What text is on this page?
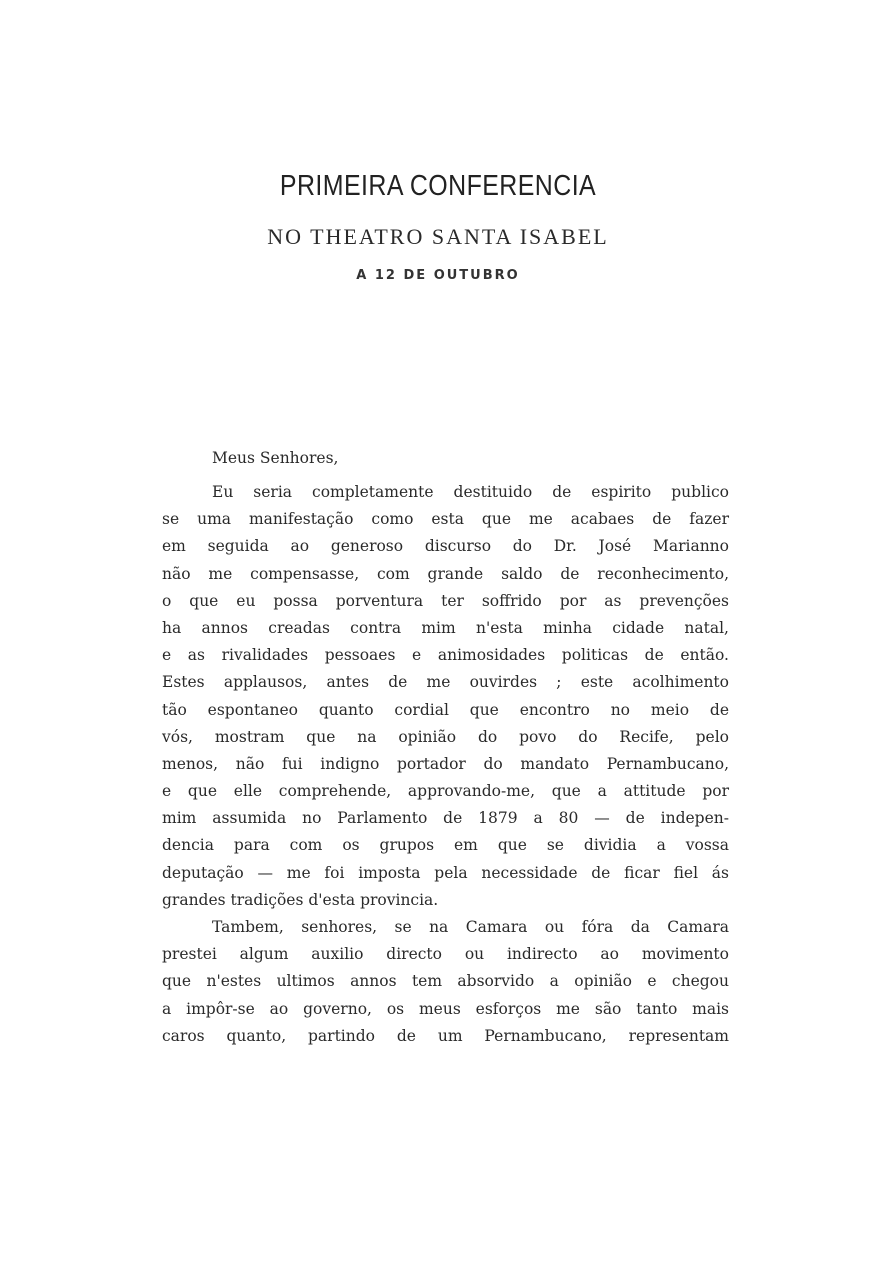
PRIMEIRA CONFERENCIA
NO THEATRO SANTA ISABEL
A 12 DE OUTUBRO
Meus Senhores,
Eu seria completamente destituido de espirito publico
se uma manifestação como esta que me acabaes de fazer
em seguida ao generoso discurso do Dr. José Marianno
não me compensasse, com grande saldo de reconhecimento,
o que eu possa porventura ter soffrido por as prevenções
ha annos creadas contra mim n'esta minha cidade natal,
e as rivalidades pessoaes e animosidades politicas de então.
Estes applausos, antes de me ouvirdes ; este acolhimento
tão espontaneo quanto cordial que encontro no meio de
vós, mostram que na opinião do povo do Recife, pelo
menos, não fui indigno portador do mandato Pernambucano,
e que elle comprehende, approvando-me, que a attitude por
mim assumida no Parlamento de 1879 a 80 — de indepen-
dencia para com os grupos em que se dividia a vossa
deputação — me foi imposta pela necessidade de ficar fiel ás
grandes tradições d'esta provincia.
Tambem, senhores, se na Camara ou fóra da Camara
prestei algum auxilio directo ou indirecto ao movimento
que n'estes ultimos annos tem absorvido a opinião e chegou
a impôr-se ao governo, os meus esforços me são tanto mais
caros quanto, partindo de um Pernambucano, representam
